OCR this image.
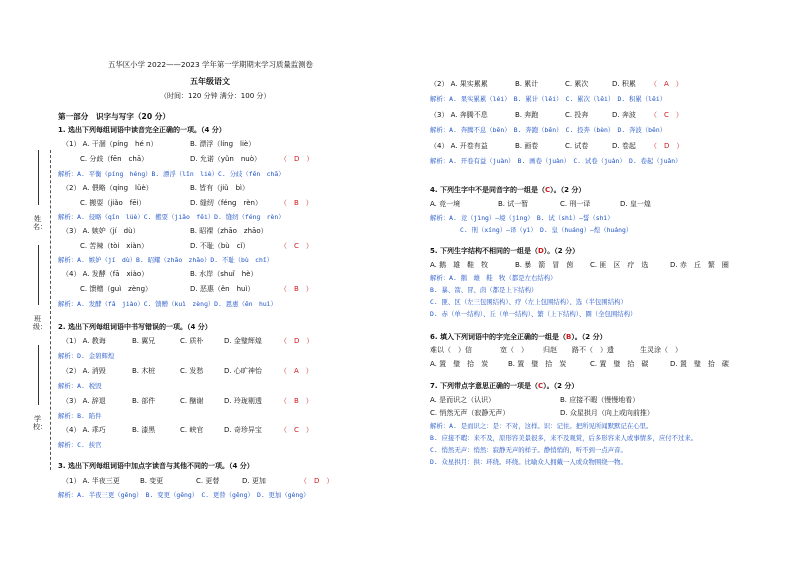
五华区小学 2022——2023 学年第一学期期末学习质量监测卷
五年级语文
（时间：120 分钟 满分：100 分）
姓名：
班级：
学校：
第一部分　识字与写字（20 分）
1. 选出下列每组词语中读音完全正确的一项。（4 分）
（1） A. 干涸（pínɡ　hé n）	B. 漂浮（línɡ　liè）
C. 分歧（fēn　chā）	D. 允诺（yǔn　nuò）	（　D　）
解析：A. 平衡（pínɡ　hénɡ）B. 漂浮（lǐn　liè）C. 分歧（fēn　chā）
（2） A. 偎略（qínɡ　lüè）	B. 皆有（jiǔ　bì）
C. 搬耍（jiǎo　fēi）	D. 缝纫（fénɡ　rèn）	（　B　）
解析：A. 侵略（qīn　lüè）C. 搬耍（jiǎo　fēi）D. 缝纫（fénɡ　rèn）
（3） A. 嫉妒（jí　dù）	B. 昭裸（zhāo　zhāo）
C. 苦辣（tòi　xiàn）	D. 不耻（bù　cǐ）	（　C　）
解析：A. 嫉妒（jí　dù）B. 昭耀（zhāo　zhāo）D. 不耻（bù　chǐ）
（4） A. 发酵（fā　xiào）	B. 水岸（shuǐ　hè）
C. 馈赠（guì　zènɡ）	D. 恶惠（ěn　huì）	（　B　）
解析：A. 发酵（fā　jiào）C. 馈赠（kuì　zènɡ）D. 恩惠（ēn　huì）
2. 选出下列每组词语中书写错误的一项。（4 分）
（1） A. 教诲	B. 翼兄	C. 质朴	D. 金璧辉煌	（　D　）
解析：D. 金碧辉煌
（2） A. 消毁	B. 木桩	C. 发愁	D. 心旷神怡	（　A　）
解析：A. 税毁
（3） A. 辞退	B. 部件	C. 酗谢	D. 玲珑剔透	（　B　）
解析：B. 陷件
（4） A. 乖巧	B. 漆黑	C. 峡官	D. 奇珍异宝	（　C　）
解析：C. 挟官
3. 选出下列每组词语中加点字读音与其他不同的一项。（4 分）
（1） A. 半夜三更	B. 变更	C. 更替	D. 更加	（　D　）
解析：A. 半夜三更（gēng）　B. 变更（gēng）　C. 更替（gēng）　D. 更加（gèng）
（2） A. 果实累累	B. 累计	C. 累次	D. 积累 （　A　）
解析：A. 果实累累（léi）　B. 累计（lěi）　C. 累次（lěi）　D. 积累（lěi）
（3） A. 奔腾不息	B. 奔跑	C. 投奔	D. 奔波 （　C　）
解析：A. 奔腾不息（bēn）　B. 奔跑（bēn）　C. 投奔（bèn）　D. 奔波（bēn）
（4） A. 开卷有益	B. 画卷	C. 试卷	D. 卷起 （　D　）
解析：A. 开卷有益（juàn）　B. 画卷（juàn）　C. 试卷（juàn）　D. 卷起（juǎn）
4. 下列生字中不是同音字的一组是（C）。（2 分）
A. 竞一境	B. 试一暂	C. 刑一译	D. 皇一煌
解析：A. 竞（jìng）—境（jìng）　B. 试（shì）—誓（shì）
C. 刑（xíng）—译（yì）　D. 皇（huáng）—煌（huáng）
5. 下列生字结构不相同的一组是（D）。（2 分）
A. 鹅　雄　鞋　牧	B. 暴　箭　冒　茵 C. 匪　区　疗　选	D. 赤　丘　繁　圈
解析：A. 鹅　雄　鞋　牧（都是左右结构）
B. 暴、箭、冒、茵（都是上下结构）
C. 匪、区（左三包围结构）、疗（左上包围结构）、选（半包围结构）
D. 赤（单一结构）、丘（单一结构）、繁（上下结构）、圈（全包围结构）
6. 填入下列词语中的字完全正确的一组是（B）。（2 分）
难以（　）信	宽（　） 归赵 路不（　）遗	生灵涂（　）
A. 置　璧　拾　炭	B. 置　璧　拾　炭	C. 置　璧　拾　碳	D. 置　璧　拾　碳
7. 下列带点字意思正确的一项是（C）。（2 分）
A. 是而识之（认识）	B. 应接不暇（慢慢地看）
C. 悄然无声（寂静无声）	D. 众星拱月（向上或向前推）
解析：A. 是而识之：是：不对，这样。识：记住。把所见所闻默默记在心里。
B. 应接不暇：来不及，原形容美景很多，来不及观赏，后多形容来人或事情多，应付不过来。
C. 悄然无声：悄然：寂静无声的样子。静悄悄的，听不到一点声音。
D. 众星拱月：拱：环绕。环绕。比喻众人拥戴一人或众物围绕一物。
